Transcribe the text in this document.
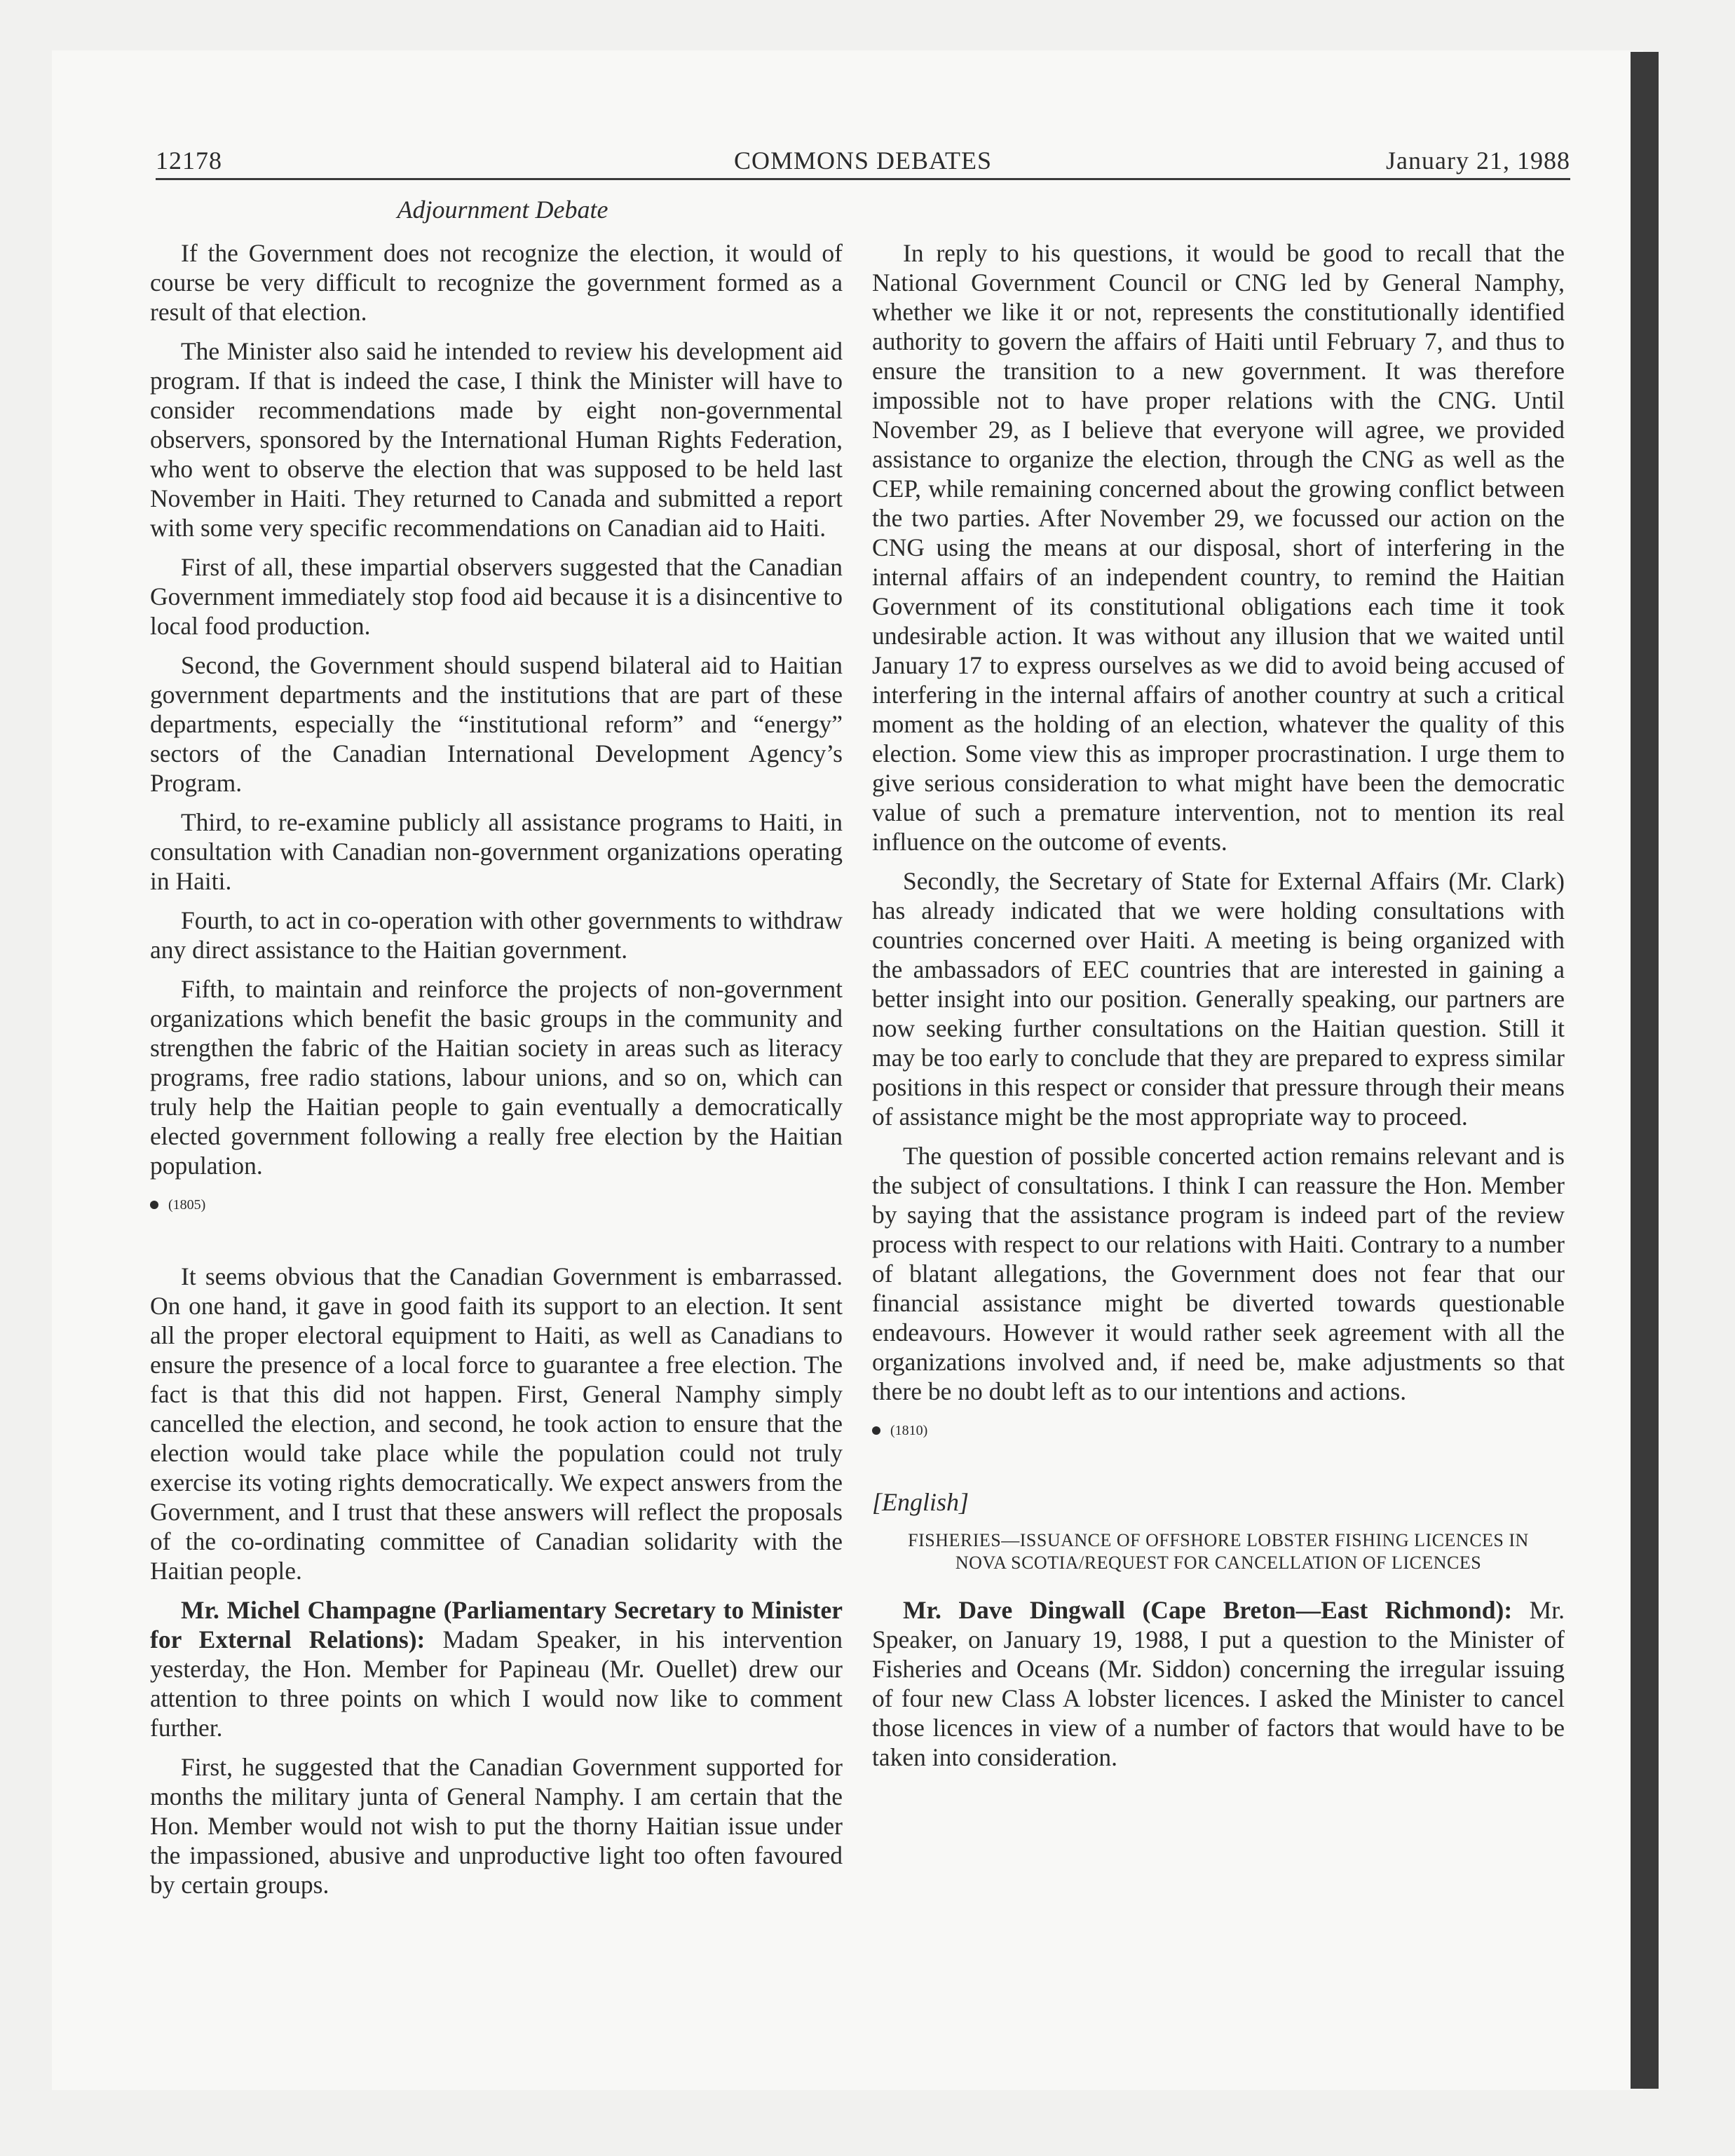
12178	COMMONS DEBATES	January 21, 1988
Adjournment Debate

If the Government does not recognize the election, it would of course be very difficult to recognize the government formed as a result of that election.

The Minister also said he intended to review his development aid program. If that is indeed the case, I think the Minister will have to consider recommendations made by eight non-governmental observers, sponsored by the International Human Rights Federation, who went to observe the election that was supposed to be held last November in Haiti. They returned to Canada and submitted a report with some very specific recommendations on Canadian aid to Haiti.

First of all, these impartial observers suggested that the Canadian Government immediately stop food aid because it is a disincentive to local food production.

Second, the Government should suspend bilateral aid to Haitian government departments and the institutions that are part of these departments, especially the “institutional reform” and “energy” sectors of the Canadian International Development Agency’s Program.

Third, to re-examine publicly all assistance programs to Haiti, in consultation with Canadian non-government organizations operating in Haiti.

Fourth, to act in co-operation with other governments to withdraw any direct assistance to the Haitian government.

Fifth, to maintain and reinforce the projects of non-government organizations which benefit the basic groups in the community and strengthen the fabric of the Haitian society in areas such as literacy programs, free radio stations, labour unions, and so on, which can truly help the Haitian people to gain eventually a democratically elected government following a really free election by the Haitian population.

(1805)

It seems obvious that the Canadian Government is embarrassed. On one hand, it gave in good faith its support to an election. It sent all the proper electoral equipment to Haiti, as well as Canadians to ensure the presence of a local force to guarantee a free election. The fact is that this did not happen. First, General Namphy simply cancelled the election, and second, he took action to ensure that the election would take place while the population could not truly exercise its voting rights democratically. We expect answers from the Government, and I trust that these answers will reflect the proposals of the co-ordinating committee of Canadian solidarity with the Haitian people.

Mr. Michel Champagne (Parliamentary Secretary to Minister for External Relations): Madam Speaker, in his intervention yesterday, the Hon. Member for Papineau (Mr. Ouellet) drew our attention to three points on which I would now like to comment further.

First, he suggested that the Canadian Government supported for months the military junta of General Namphy. I am certain that the Hon. Member would not wish to put the thorny Haitian issue under the impassioned, abusive and unproductive light too often favoured by certain groups.

In reply to his questions, it would be good to recall that the National Government Council or CNG led by General Namphy, whether we like it or not, represents the constitutionally identified authority to govern the affairs of Haiti until February 7, and thus to ensure the transition to a new government. It was therefore impossible not to have proper relations with the CNG. Until November 29, as I believe that everyone will agree, we provided assistance to organize the election, through the CNG as well as the CEP, while remaining concerned about the growing conflict between the two parties. After November 29, we focussed our action on the CNG using the means at our disposal, short of interfering in the internal affairs of an independent country, to remind the Haitian Government of its constitutional obligations each time it took undesirable action. It was without any illusion that we waited until January 17 to express ourselves as we did to avoid being accused of interfering in the internal affairs of another country at such a critical moment as the holding of an election, whatever the quality of this election. Some view this as improper procrastination. I urge them to give serious consideration to what might have been the democratic value of such a premature intervention, not to mention its real influence on the outcome of events.

Secondly, the Secretary of State for External Affairs (Mr. Clark) has already indicated that we were holding consultations with countries concerned over Haiti. A meeting is being organized with the ambassadors of EEC countries that are interested in gaining a better insight into our position. Generally speaking, our partners are now seeking further consultations on the Haitian question. Still it may be too early to conclude that they are prepared to express similar positions in this respect or consider that pressure through their means of assistance might be the most appropriate way to proceed.

The question of possible concerted action remains relevant and is the subject of consultations. I think I can reassure the Hon. Member by saying that the assistance program is indeed part of the review process with respect to our relations with Haiti. Contrary to a number of blatant allegations, the Government does not fear that our financial assistance might be diverted towards questionable endeavours. However it would rather seek agreement with all the organizations involved and, if need be, make adjustments so that there be no doubt left as to our intentions and actions.

(1810)
[English]
FISHERIES—ISSUANCE OF OFFSHORE LOBSTER FISHING LICENCES IN NOVA SCOTIA/REQUEST FOR CANCELLATION OF LICENCES

Mr. Dave Dingwall (Cape Breton—East Richmond): Mr. Speaker, on January 19, 1988, I put a question to the Minister of Fisheries and Oceans (Mr. Siddon) concerning the irregular issuing of four new Class A lobster licences. I asked the Minister to cancel those licences in view of a number of factors that would have to be taken into consideration.
